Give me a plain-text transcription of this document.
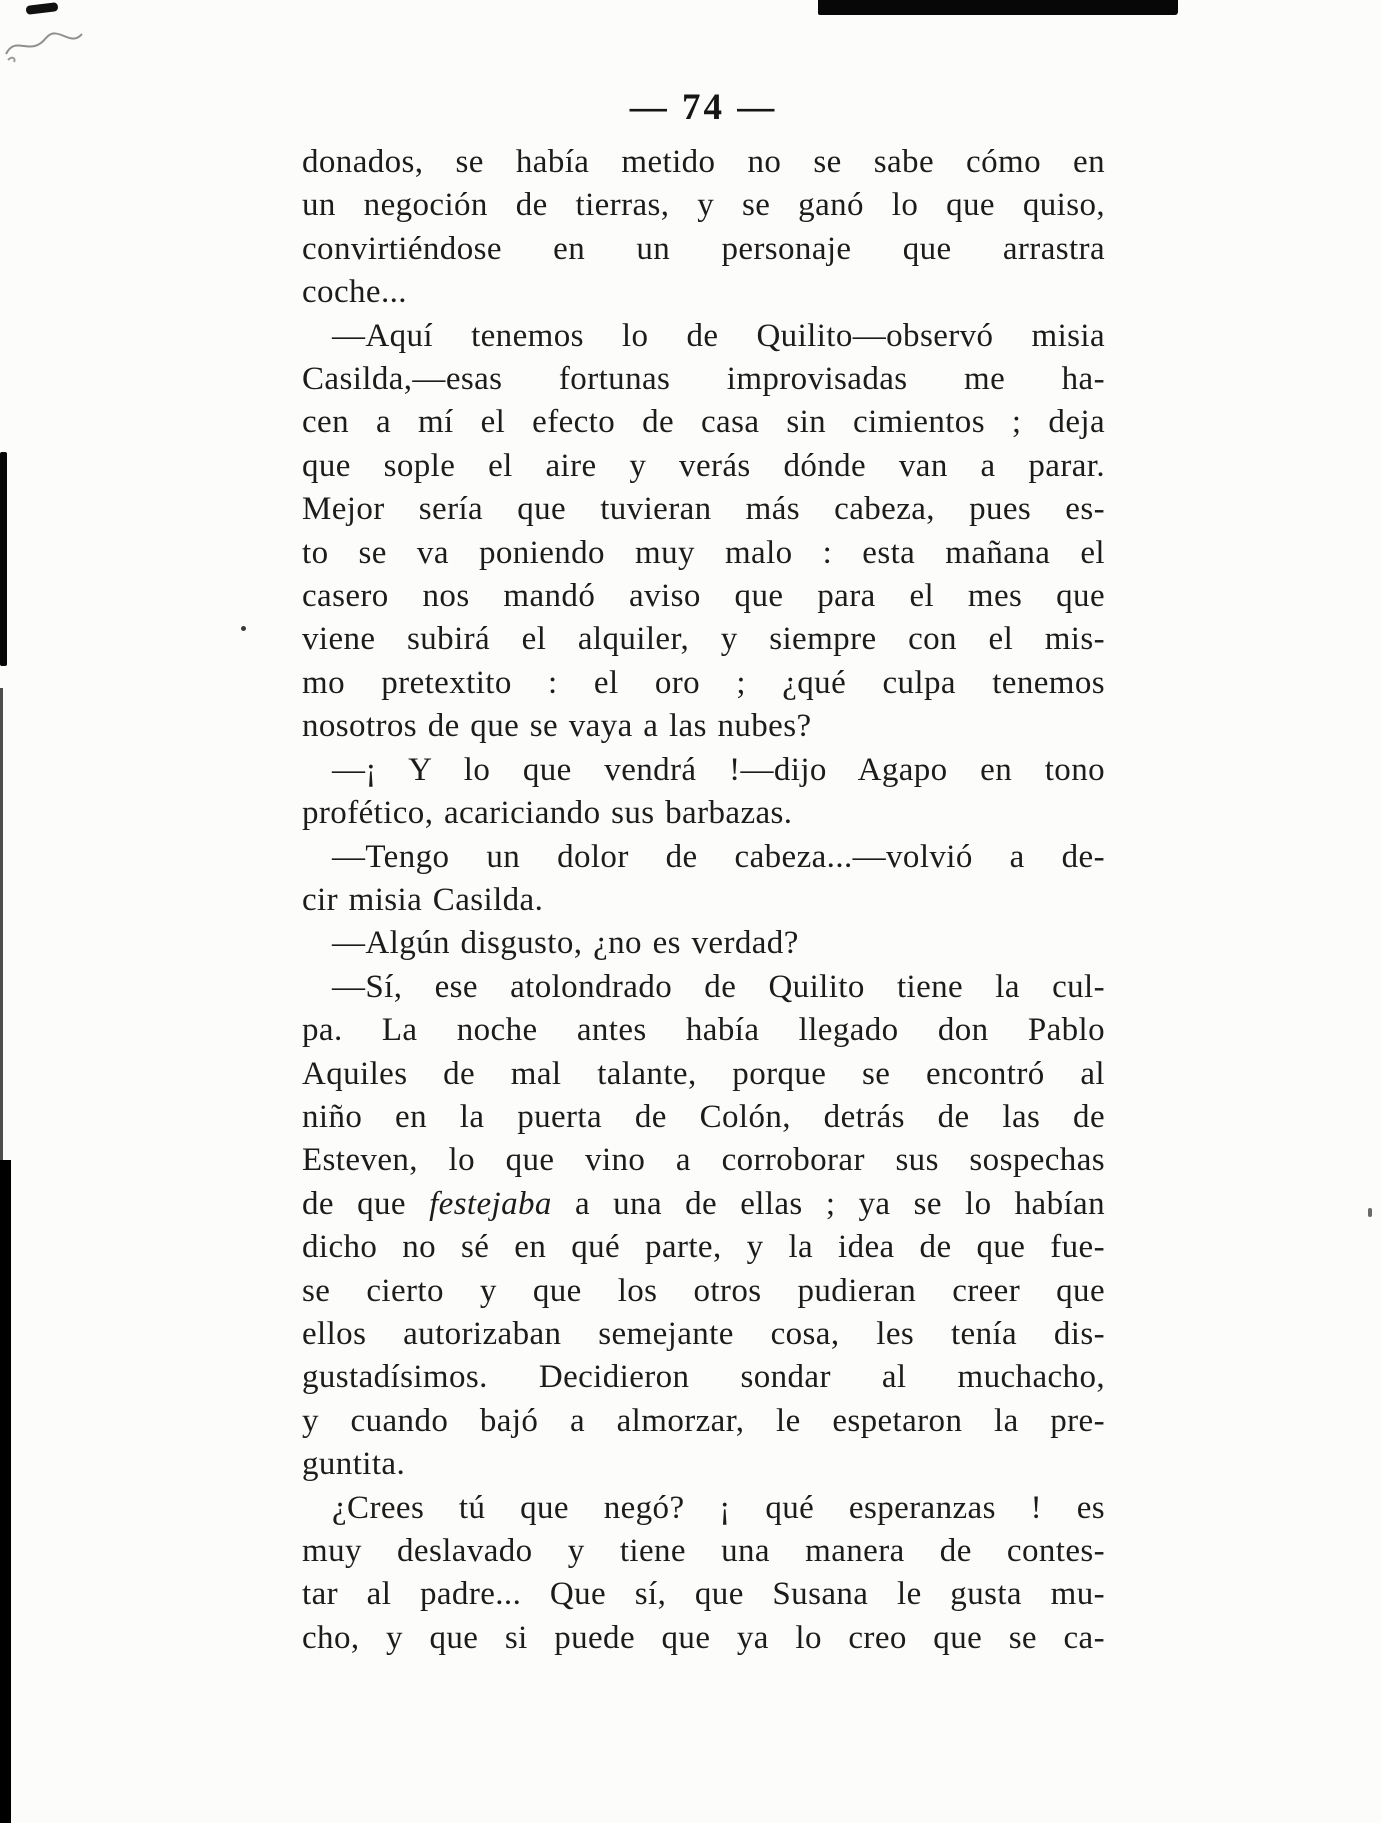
— 74 —
donados, se había metido no se sabe cómo en
un negoción de tierras, y se ganó lo que quiso,
convirtiéndose en un personaje que arrastra
coche...
—Aquí tenemos lo de Quilito—observó misia
Casilda,—esas fortunas improvisadas me ha-
cen a mí el efecto de casa sin cimientos ; deja
que sople el aire y verás dónde van a parar.
Mejor sería que tuvieran más cabeza, pues es-
to se va poniendo muy malo : esta mañana el
casero nos mandó aviso que para el mes que
viene subirá el alquiler, y siempre con el mis-
mo pretextito : el oro ; ¿qué culpa tenemos
nosotros de que se vaya a las nubes?
—¡ Y lo que vendrá !—dijo Agapo en tono
profético, acariciando sus barbazas.
—Tengo un dolor de cabeza...—volvió a de-
cir misia Casilda.
—Algún disgusto, ¿no es verdad?
—Sí, ese atolondrado de Quilito tiene la cul-
pa. La noche antes había llegado don Pablo
Aquiles de mal talante, porque se encontró al
niño en la puerta de Colón, detrás de las de
Esteven, lo que vino a corroborar sus sospechas
de que festejaba a una de ellas ; ya se lo habían
dicho no sé en qué parte, y la idea de que fue-
se cierto y que los otros pudieran creer que
ellos autorizaban semejante cosa, les tenía dis-
gustadísimos. Decidieron sondar al muchacho,
y cuando bajó a almorzar, le espetaron la pre-
guntita.
¿Crees tú que negó? ¡ qué esperanzas ! es
muy deslavado y tiene una manera de contes-
tar al padre... Que sí, que Susana le gusta mu-
cho, y que si puede que ya lo creo que se ca-
